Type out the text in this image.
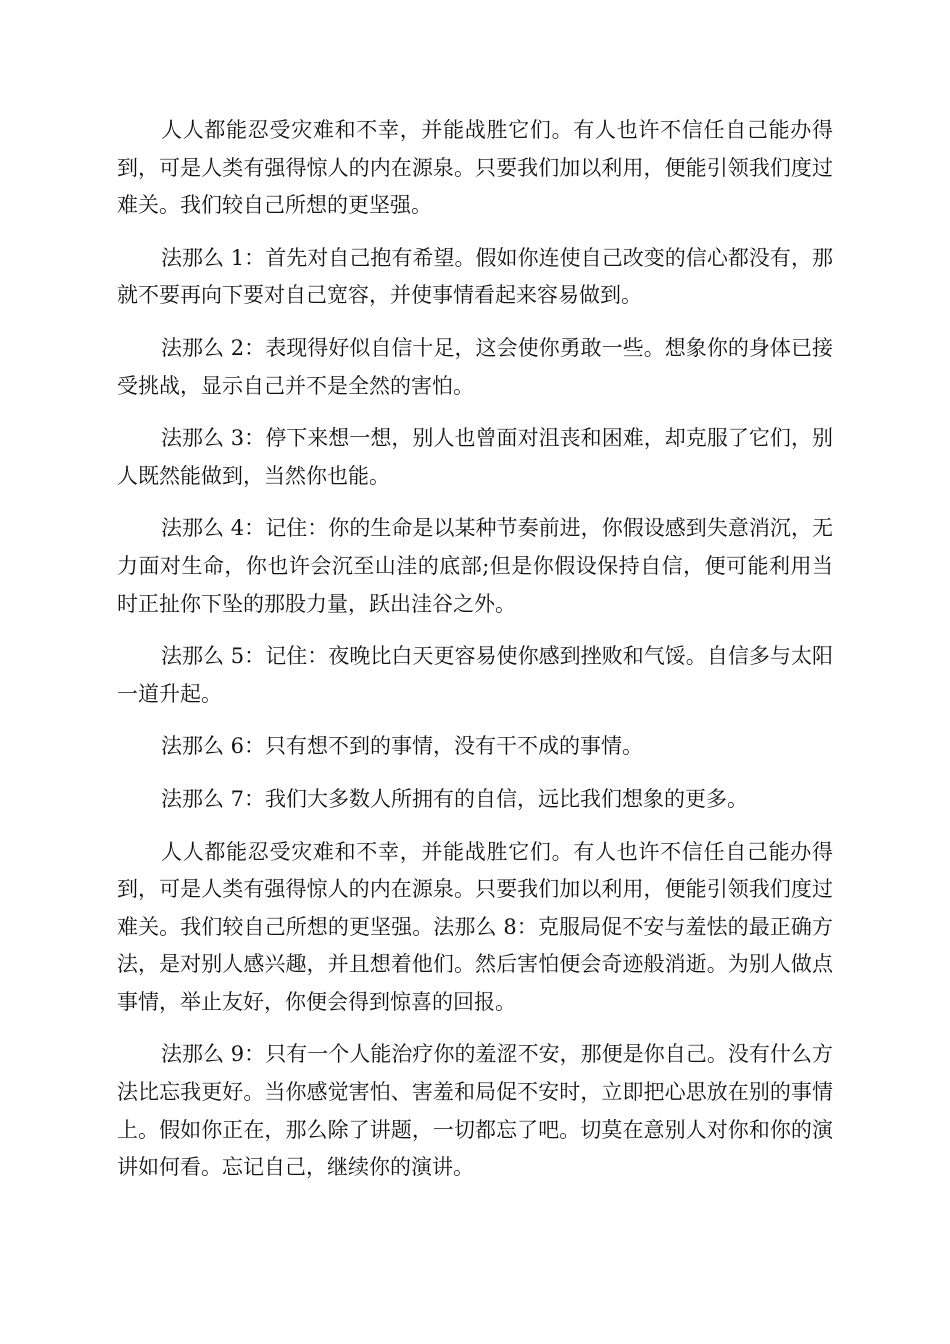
人人都能忍受灾难和不幸，并能战胜它们。有人也许不信任自己能办得到，可是人类有强得惊人的内在源泉。只要我们加以利用，便能引领我们度过难关。我们较自己所想的更坚强。

法那么 1：首先对自己抱有希望。假如你连使自己改变的信心都没有，那就不要再向下要对自己宽容，并使事情看起来容易做到。

法那么 2：表现得好似自信十足，这会使你勇敢一些。想象你的身体已接受挑战，显示自己并不是全然的害怕。

法那么 3：停下来想一想，别人也曾面对沮丧和困难，却克服了它们，别人既然能做到，当然你也能。

法那么 4：记住：你的生命是以某种节奏前进，你假设感到失意消沉，无力面对生命，你也许会沉至山洼的底部;但是你假设保持自信，便可能利用当时正扯你下坠的那股力量，跃出洼谷之外。

法那么 5：记住：夜晚比白天更容易使你感到挫败和气馁。自信多与太阳一道升起。

法那么 6：只有想不到的事情，没有干不成的事情。

法那么 7：我们大多数人所拥有的自信，远比我们想象的更多。

人人都能忍受灾难和不幸，并能战胜它们。有人也许不信任自己能办得到，可是人类有强得惊人的内在源泉。只要我们加以利用，便能引领我们度过难关。我们较自己所想的更坚强。法那么 8：克服局促不安与羞怯的最正确方法，是对别人感兴趣，并且想着他们。然后害怕便会奇迹般消逝。为别人做点事情，举止友好，你便会得到惊喜的回报。

法那么 9：只有一个人能治疗你的羞涩不安，那便是你自己。没有什么方法比忘我更好。当你感觉害怕、害羞和局促不安时，立即把心思放在别的事情上。假如你正在，那么除了讲题，一切都忘了吧。切莫在意别人对你和你的演讲如何看。忘记自己，继续你的演讲。
